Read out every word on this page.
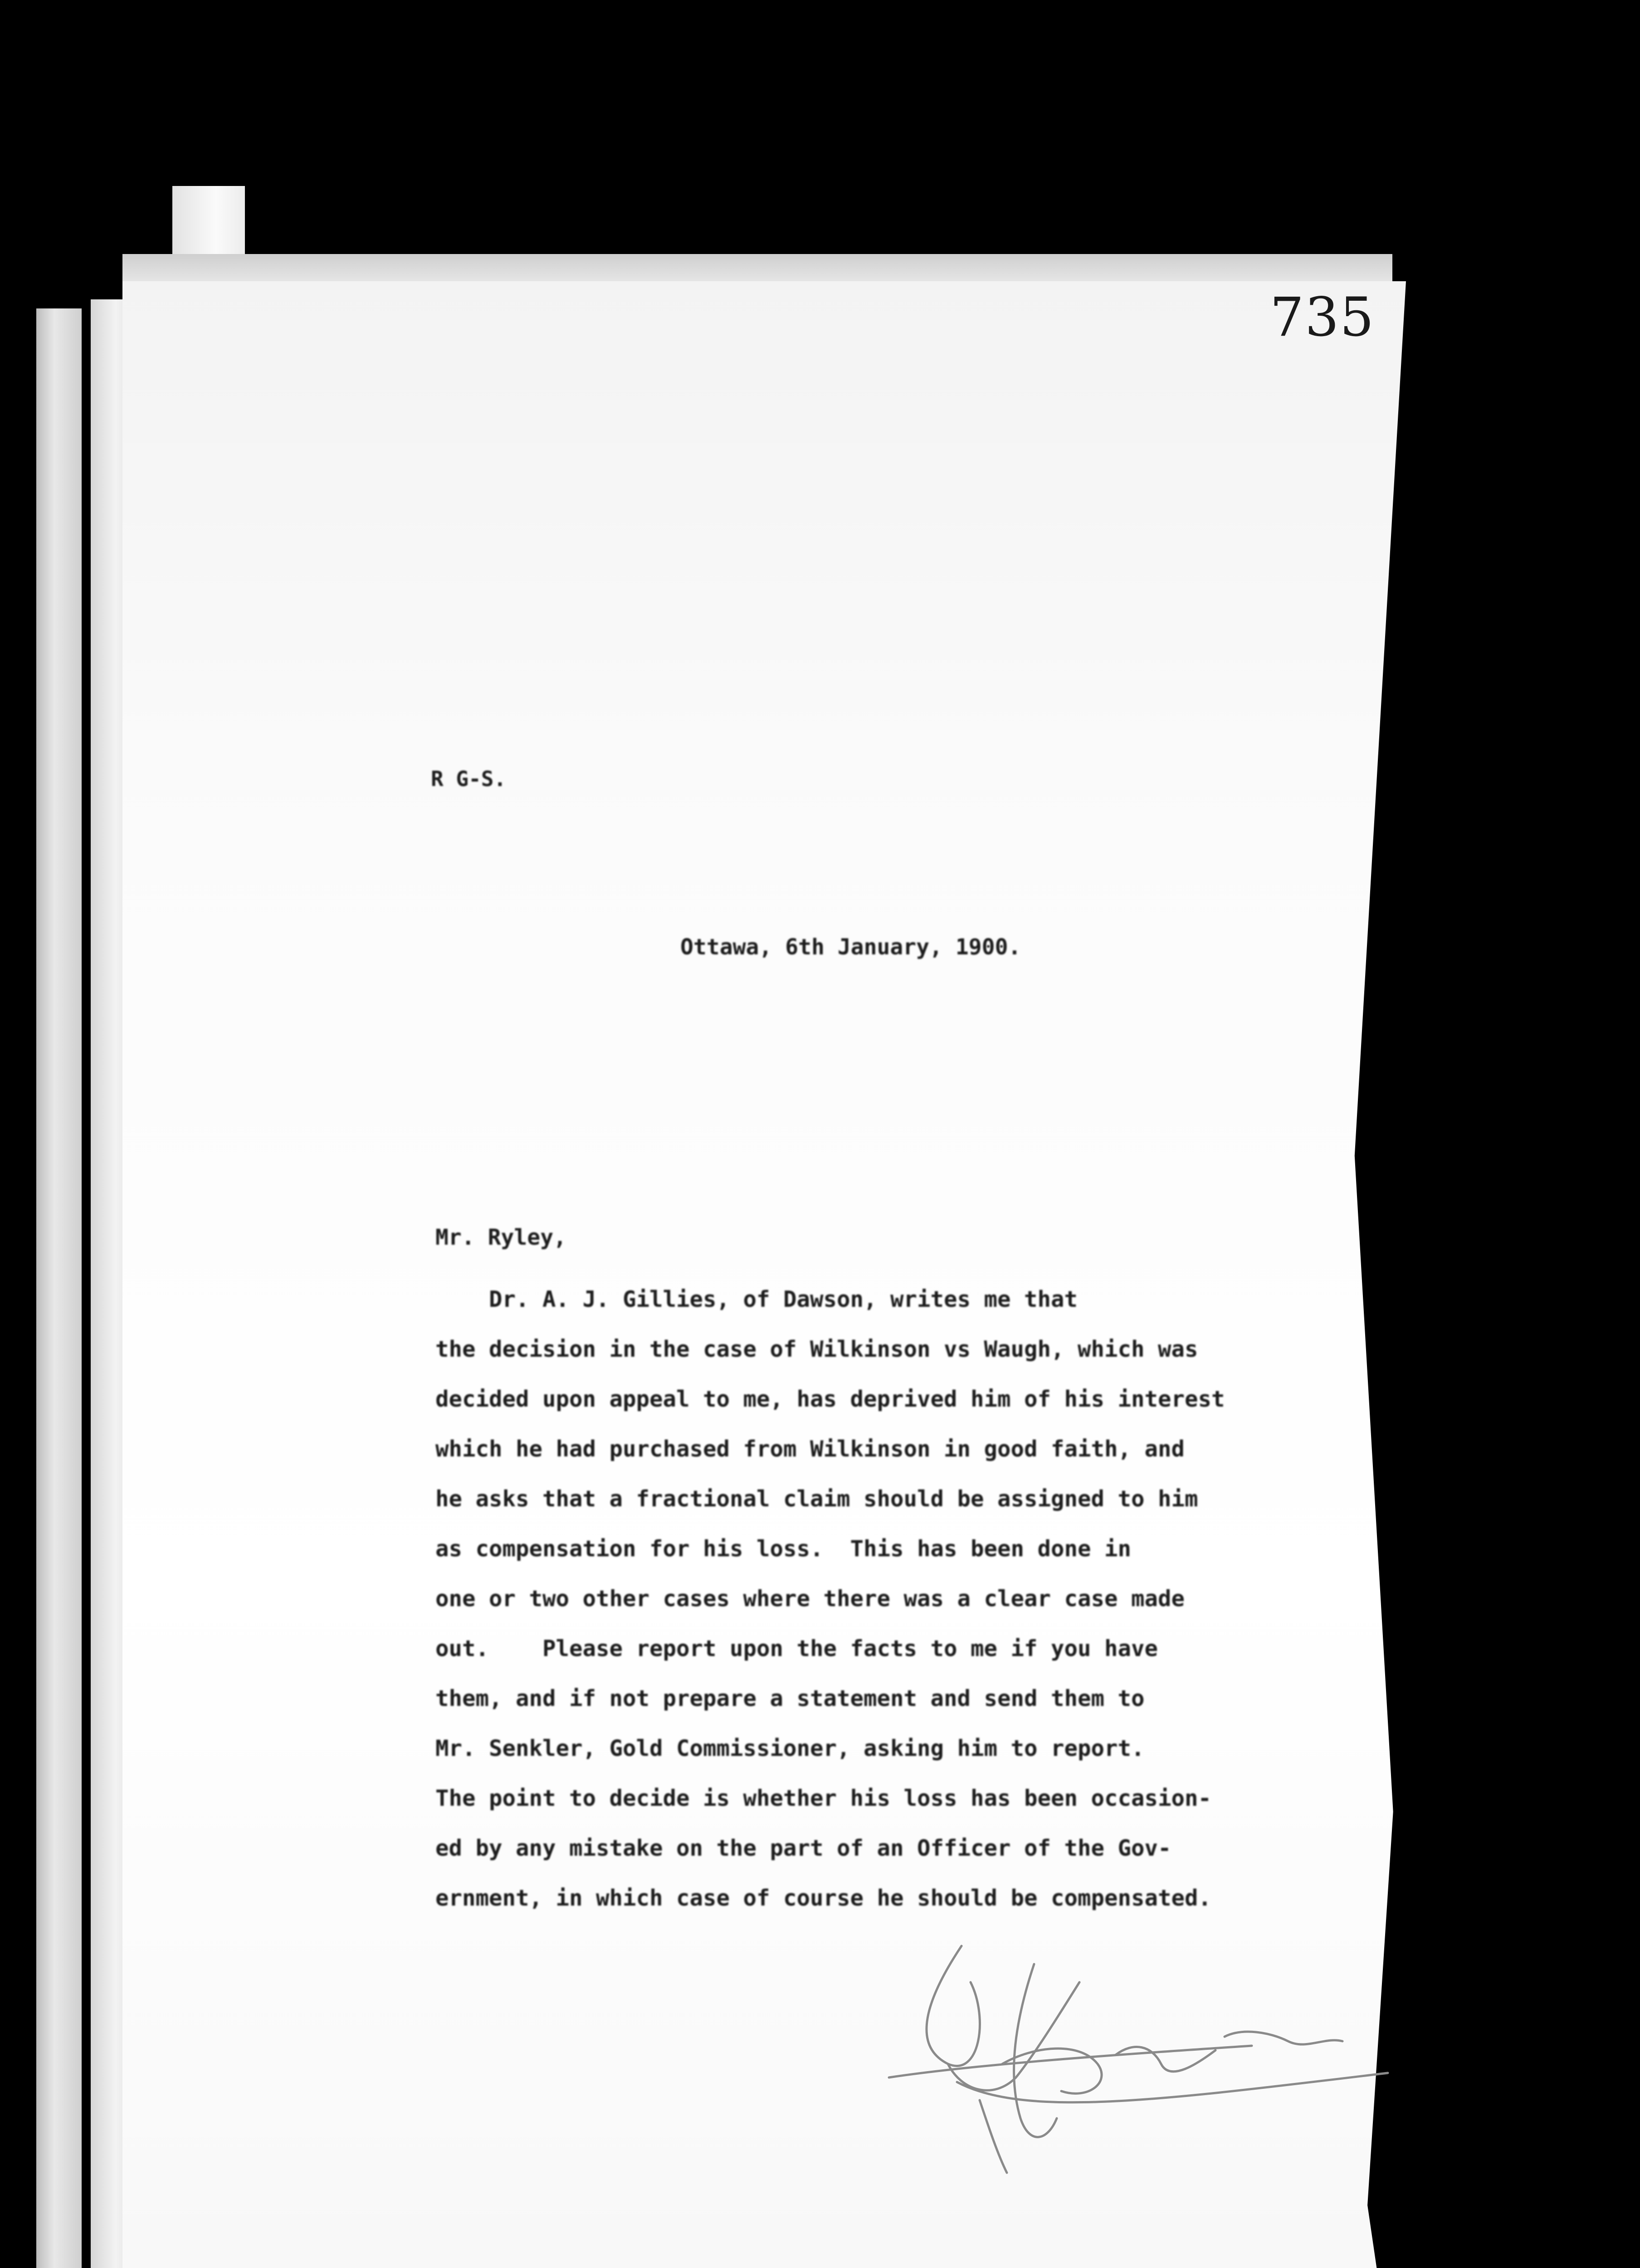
735
R G-S.
Ottawa, 6th January, 1900.
Mr. Ryley,
Dr. A. J. Gillies, of Dawson, writes me that
the decision in the case of Wilkinson vs Waugh, which was
decided upon appeal to me, has deprived him of his interest
which he had purchased from Wilkinson in good faith, and
he asks that a fractional claim should be assigned to him
as compensation for his loss.  This has been done in
one or two other cases where there was a clear case made
out.    Please report upon the facts to me if you have
them, and if not prepare a statement and send them to
Mr. Senkler, Gold Commissioner, asking him to report.
The point to decide is whether his loss has been occasion-
ed by any mistake on the part of an Officer of the Gov-
ernment, in which case of course he should be compensated.
